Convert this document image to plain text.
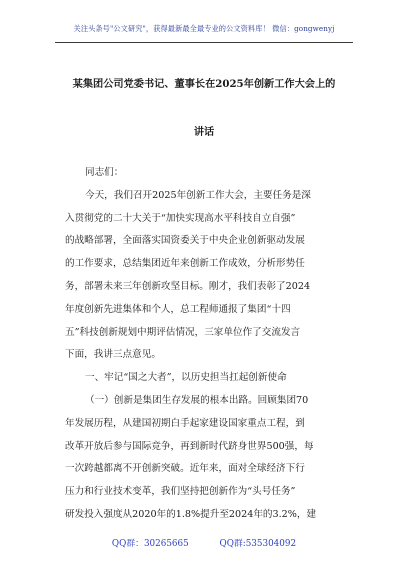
关注头条号"公文研究"，获得最新最全最专业的公文资料库！ 微信：gongwenyj
某集团公司党委书记、董事长在2025年创新工作大会上的
讲话
同志们：
今天，我们召开2025年创新工作大会，主要任务是深
入贯彻党的二十大关于“加快实现高水平科技自立自强”
的战略部署，全面落实国资委关于中央企业创新驱动发展
的工作要求，总结集团近年来创新工作成效，分析形势任
务，部署未来三年创新攻坚目标。刚才，我们表彰了2024
年度创新先进集体和个人，总工程师通报了集团“十四
五”科技创新规划中期评估情况，三家单位作了交流发言
下面，我讲三点意见。
一、牢记“国之大者”，以历史担当扛起创新使命
（一）创新是集团生存发展的根本出路。回顾集团70
年发展历程，从建国初期白手起家建设国家重点工程，到
改革开放后参与国际竞争，再到新时代跻身世界500强，每
一次跨越都离不开创新突破。近年来，面对全球经济下行
压力和行业技术变革，我们坚持把创新作为“头号任务”
研发投入强度从2020年的1.8%提升至2024年的3.2%，建
QQ群：30265665	QQ群:535304092
